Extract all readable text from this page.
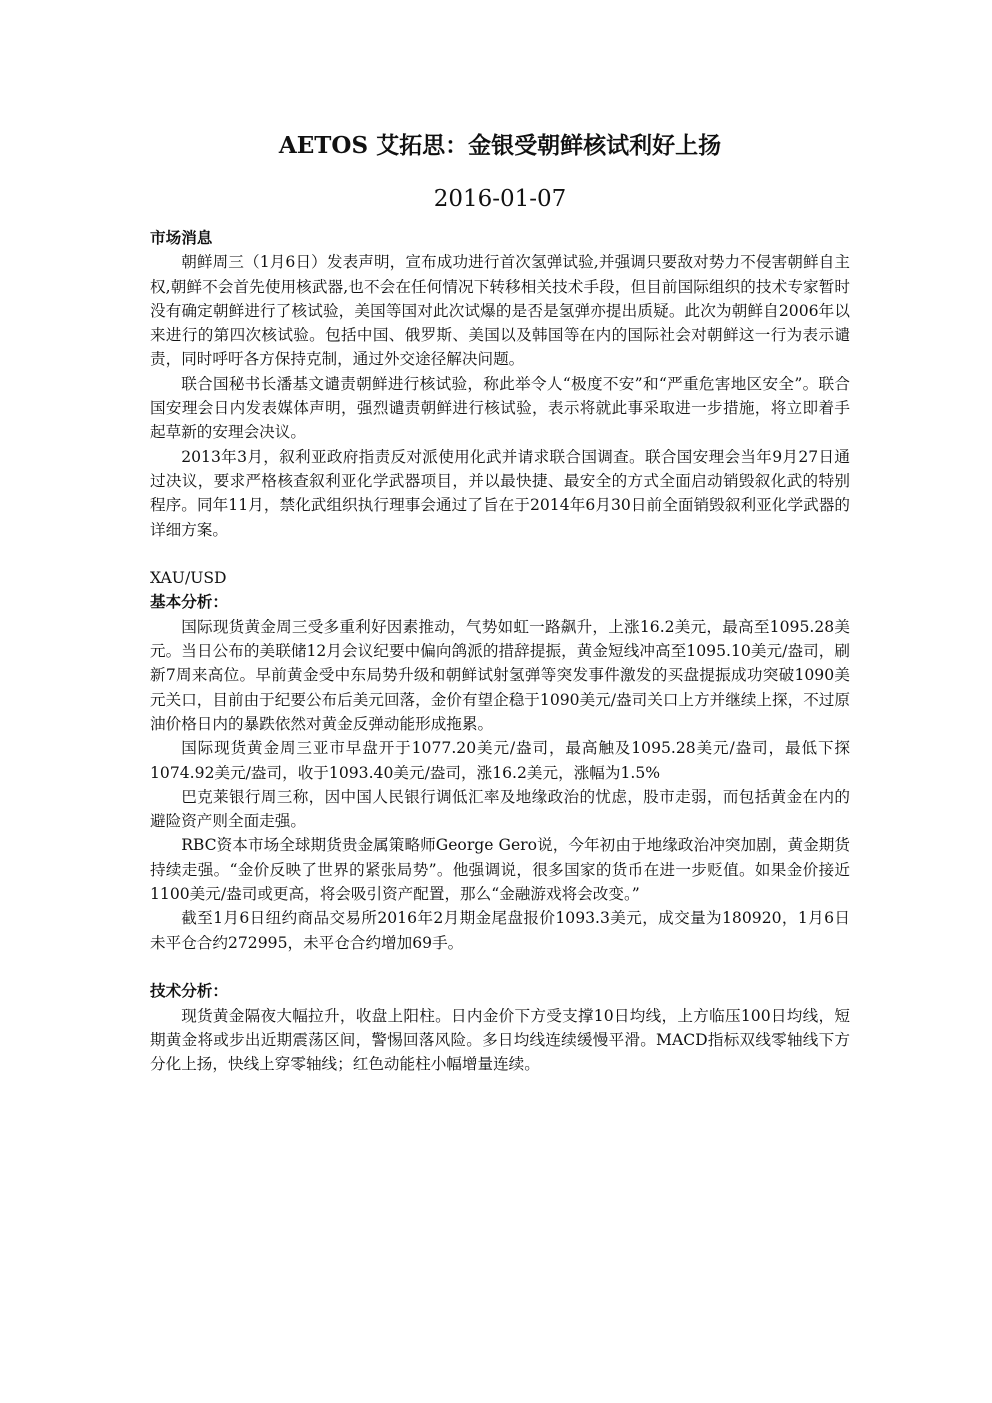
AETOS 艾拓思：金银受朝鲜核试利好上扬
2016-01-07

市场消息

朝鲜周三（1月6日）发表声明，宣布成功进行首次氢弹试验,并强调只要敌对势力不侵害朝鲜自主权,朝鲜不会首先使用核武器,也不会在任何情况下转移相关技术手段，但目前国际组织的技术专家暂时没有确定朝鲜进行了核试验，美国等国对此次试爆的是否是氢弹亦提出质疑。此次为朝鲜自2006年以来进行的第四次核试验。包括中国、俄罗斯、美国以及韩国等在内的国际社会对朝鲜这一行为表示谴责，同时呼吁各方保持克制，通过外交途径解决问题。

联合国秘书长潘基文谴责朝鲜进行核试验，称此举令人“极度不安”和“严重危害地区安全”。联合国安理会日内发表媒体声明，强烈谴责朝鲜进行核试验，表示将就此事采取进一步措施，将立即着手起草新的安理会决议。

2013年3月，叙利亚政府指责反对派使用化武并请求联合国调查。联合国安理会当年9月27日通过决议，要求严格核查叙利亚化学武器项目，并以最快捷、最安全的方式全面启动销毁叙化武的特别程序。同年11月，禁化武组织执行理事会通过了旨在于2014年6月30日前全面销毁叙利亚化学武器的详细方案。

XAU/USD

基本分析：

国际现货黄金周三受多重利好因素推动，气势如虹一路飙升，上涨16.2美元，最高至1095.28美元。当日公布的美联储12月会议纪要中偏向鸽派的措辞提振，黄金短线冲高至1095.10美元/盎司，刷新7周来高位。早前黄金受中东局势升级和朝鲜试射氢弹等突发事件激发的买盘提振成功突破1090美元关口，目前由于纪要公布后美元回落，金价有望企稳于1090美元/盎司关口上方并继续上探，不过原油价格日内的暴跌依然对黄金反弹动能形成拖累。

国际现货黄金周三亚市早盘开于1077.20美元/盎司，最高触及1095.28美元/盎司，最低下探1074.92美元/盎司，收于1093.40美元/盎司，涨16.2美元，涨幅为1.5%

巴克莱银行周三称，因中国人民银行调低汇率及地缘政治的忧虑，股市走弱，而包括黄金在内的避险资产则全面走强。

RBC资本市场全球期货贵金属策略师George Gero说，今年初由于地缘政治冲突加剧，黄金期货持续走强。“金价反映了世界的紧张局势”。他强调说，很多国家的货币在进一步贬值。如果金价接近1100美元/盎司或更高，将会吸引资产配置，那么“金融游戏将会改变。”

截至1月6日纽约商品交易所2016年2月期金尾盘报价1093.3美元，成交量为180920，1月6日未平仓合约272995，未平仓合约增加69手。

技术分析：

现货黄金隔夜大幅拉升，收盘上阳柱。日内金价下方受支撑10日均线，上方临压100日均线，短期黄金将或步出近期震荡区间，警惕回落风险。多日均线连续缓慢平滑。MACD指标双线零轴线下方分化上扬，快线上穿零轴线；红色动能柱小幅增量连续。
